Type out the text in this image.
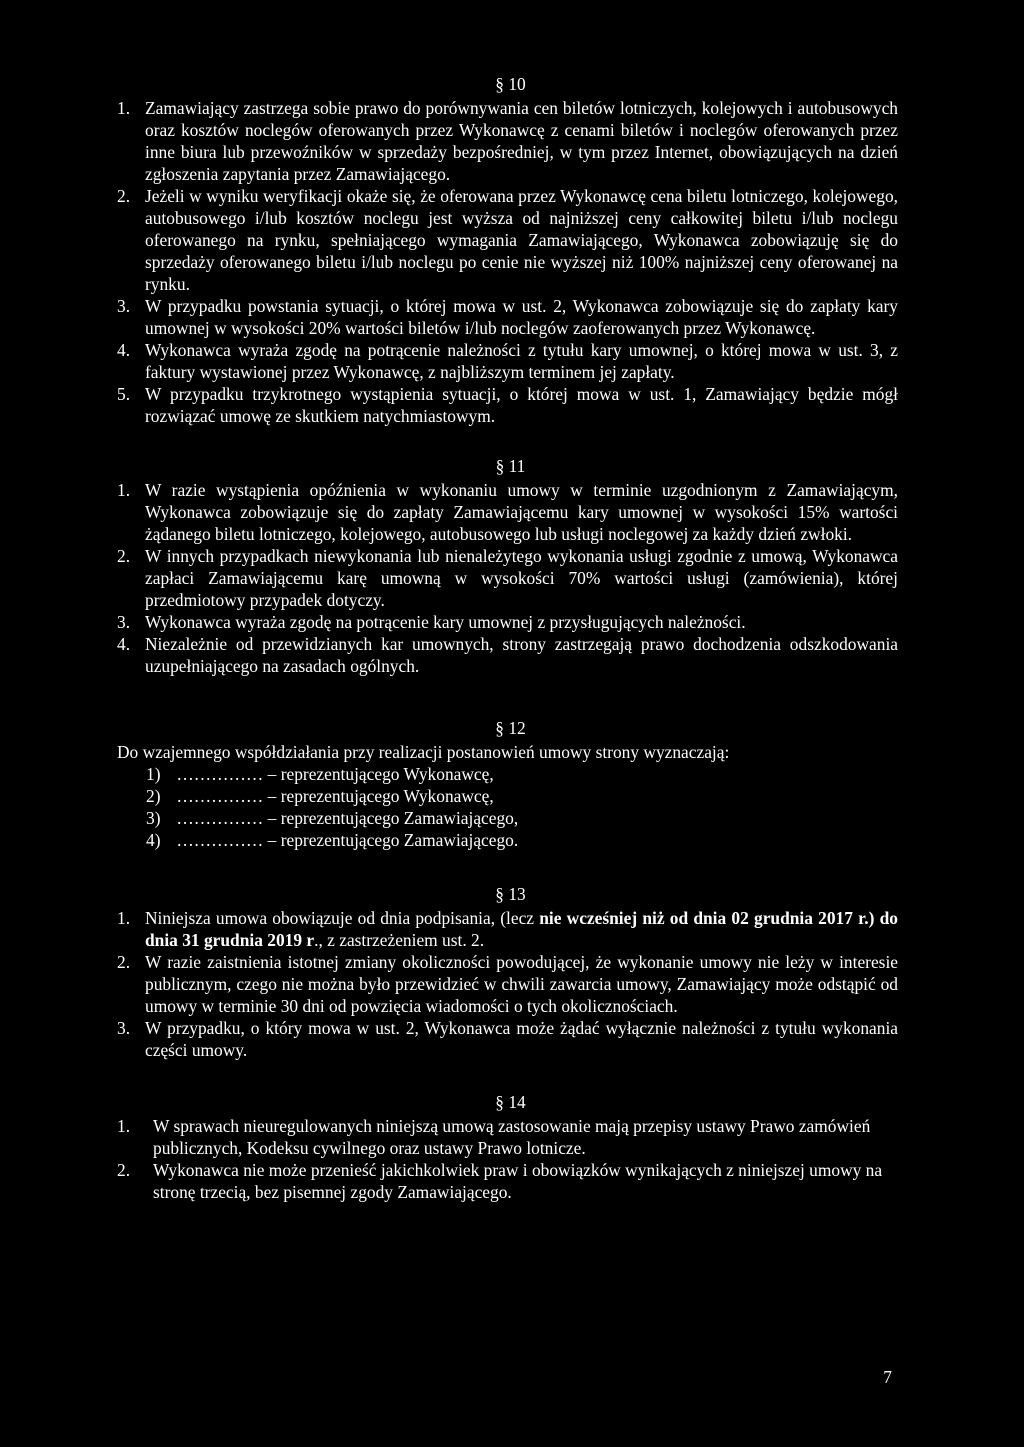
§ 10
1. Zamawiający zastrzega sobie prawo do porównywania cen biletów lotniczych, kolejowych i autobusowych oraz kosztów noclegów oferowanych przez Wykonawcę z cenami biletów i noclegów oferowanych przez inne biura lub przewoźników w sprzedaży bezpośredniej, w tym przez Internet, obowiązujących na dzień zgłoszenia zapytania przez Zamawiającego.
2. Jeżeli w wyniku weryfikacji okaże się, że oferowana przez Wykonawcę cena biletu lotniczego, kolejowego, autobusowego i/lub kosztów noclegu jest wyższa od najniższej ceny całkowitej biletu i/lub noclegu oferowanego na rynku, spełniającego wymagania Zamawiającego, Wykonawca zobowiązuję się do sprzedaży oferowanego biletu i/lub noclegu po cenie nie wyższej niż 100% najniższej ceny oferowanej na rynku.
3. W przypadku powstania sytuacji, o której mowa w ust. 2, Wykonawca zobowiązuje się do zapłaty kary umownej w wysokości 20% wartości biletów i/lub noclegów zaoferowanych przez Wykonawcę.
4. Wykonawca wyraża zgodę na potrącenie należności z tytułu kary umownej, o której mowa w ust. 3, z faktury wystawionej przez Wykonawcę, z najbliższym terminem jej zapłaty.
5. W przypadku trzykrotnego wystąpienia sytuacji, o której mowa w ust. 1, Zamawiający będzie mógł rozwiązać umowę ze skutkiem natychmiastowym.
§ 11
1. W razie wystąpienia opóźnienia w wykonaniu umowy w terminie uzgodnionym z Zamawiającym, Wykonawca zobowiązuje się do zapłaty Zamawiającemu kary umownej w wysokości 15% wartości żądanego biletu lotniczego, kolejowego, autobusowego lub usługi noclegowej za każdy dzień zwłoki.
2. W innych przypadkach niewykonania lub nienależytego wykonania usługi zgodnie z umową, Wykonawca zapłaci Zamawiającemu karę umowną w wysokości 70% wartości usługi (zamówienia), której przedmiotowy przypadek dotyczy.
3. Wykonawca wyraża zgodę na potrącenie kary umownej z przysługujących należności.
4. Niezależnie od przewidzianych kar umownych, strony zastrzegają prawo dochodzenia odszkodowania uzupełniającego na zasadach ogólnych.
§ 12
Do wzajemnego współdziałania przy realizacji postanowień umowy strony wyznaczają:
1) …………… – reprezentującego Wykonawcę,
2) …………… – reprezentującego Wykonawcę,
3) …………… – reprezentującego Zamawiającego,
4) …………… – reprezentującego Zamawiającego.
§ 13
1. Niniejsza umowa obowiązuje od dnia podpisania, (lecz nie wcześniej niż od dnia 02 grudnia 2017 r.) do dnia 31 grudnia 2019 r., z zastrzeżeniem ust. 2.
2. W razie zaistnienia istotnej zmiany okoliczności powodującej, że wykonanie umowy nie leży w interesie publicznym, czego nie można było przewidzieć w chwili zawarcia umowy, Zamawiający może odstąpić od umowy w terminie 30 dni od powzięcia wiadomości o tych okolicznościach.
3. W przypadku, o który mowa w ust. 2, Wykonawca może żądać wyłącznie należności z tytułu wykonania części umowy.
§ 14
1. W sprawach nieuregulowanych niniejszą umową zastosowanie mają przepisy ustawy Prawo zamówień publicznych, Kodeksu cywilnego oraz ustawy Prawo lotnicze.
2. Wykonawca nie może przenieść jakichkolwiek praw i obowiązków wynikających z niniejszej umowy na stronę trzecią, bez pisemnej zgody Zamawiającego.
7
